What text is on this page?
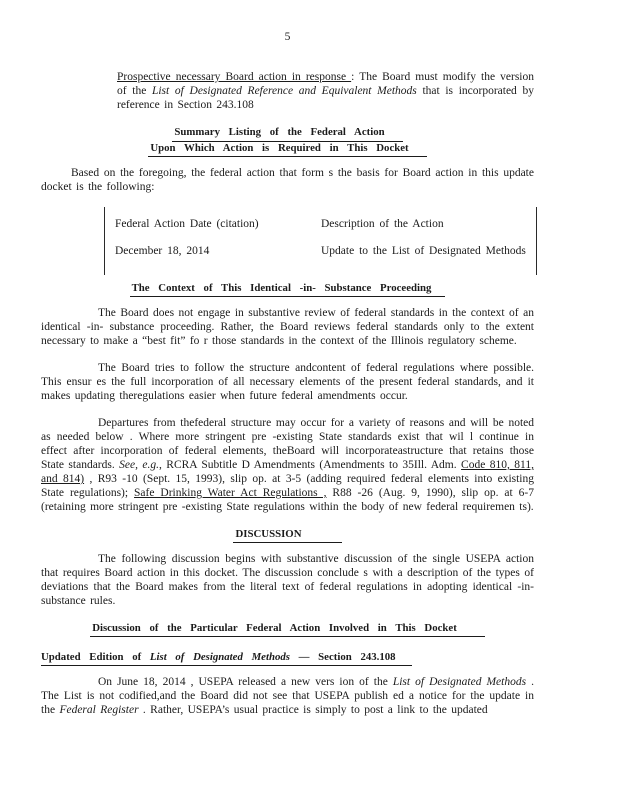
5

Prospective necessary Board action in response : The Board must modify the version of the List of Designated Reference and Equivalent Methods that is incorporated by reference in Section 243.108

Summary Listing of the Federal Action
Upon Which Action is Required in This Docket

Based on the foregoing, the federal action that form s the basis for Board action in this update docket is the following:

Federal Action Date (citation)	Description of the Action
December 18, 2014	Update to the List of Designated Methods
The Context of This Identical -in- Substance Proceeding

The Board does not engage in substantive review of federal standards in the context of an identical -in- substance proceeding. Rather, the Board reviews federal standards only to the extent necessary to make a “best fit” fo r those standards in the context of the Illinois regulatory scheme.

The Board tries to follow the structure andcontent of federal regulations where possible. This ensur es the full incorporation of all necessary elements of the present federal standards, and it makes updating theregulations easier when future federal amendments occur.

Departures from thefederal structure may occur for a variety of reasons and will be noted as needed below . Where more stringent pre -existing State standards exist that wil l continue in effect after incorporation of federal elements, theBoard will incorporateastructure that retains those State standards. See, e.g., RCRA Subtitle D Amendments (Amendments to 35Ill. Adm. Code 810, 811, and 814) , R93 -10 (Sept. 15, 1993), slip op. at 3-5 (adding required federal elements into existing State regulations); Safe Drinking Water Act Regulations , R88 -26 (Aug. 9, 1990), slip op. at 6-7 (retaining more stringent pre -existing State regulations within the body of new federal requiremen ts).

DISCUSSION

The following discussion begins with substantive discussion of the single USEPA action that requires Board action in this docket. The discussion conclude s with a description of the types of deviations that the Board makes from the literal text of federal regulations in adopting identical -in- substance rules.

Discussion of the Particular Federal Action Involved in This Docket
Updated Edition of List of Designated Methods — Section 243.108

On June 18, 2014 , USEPA released a new vers ion of the List of Designated Methods . The List is not codified,and the Board did not see that USEPA publish ed a notice for the update in the Federal Register . Rather, USEPA’s usual practice is simply to post a link to the updated
